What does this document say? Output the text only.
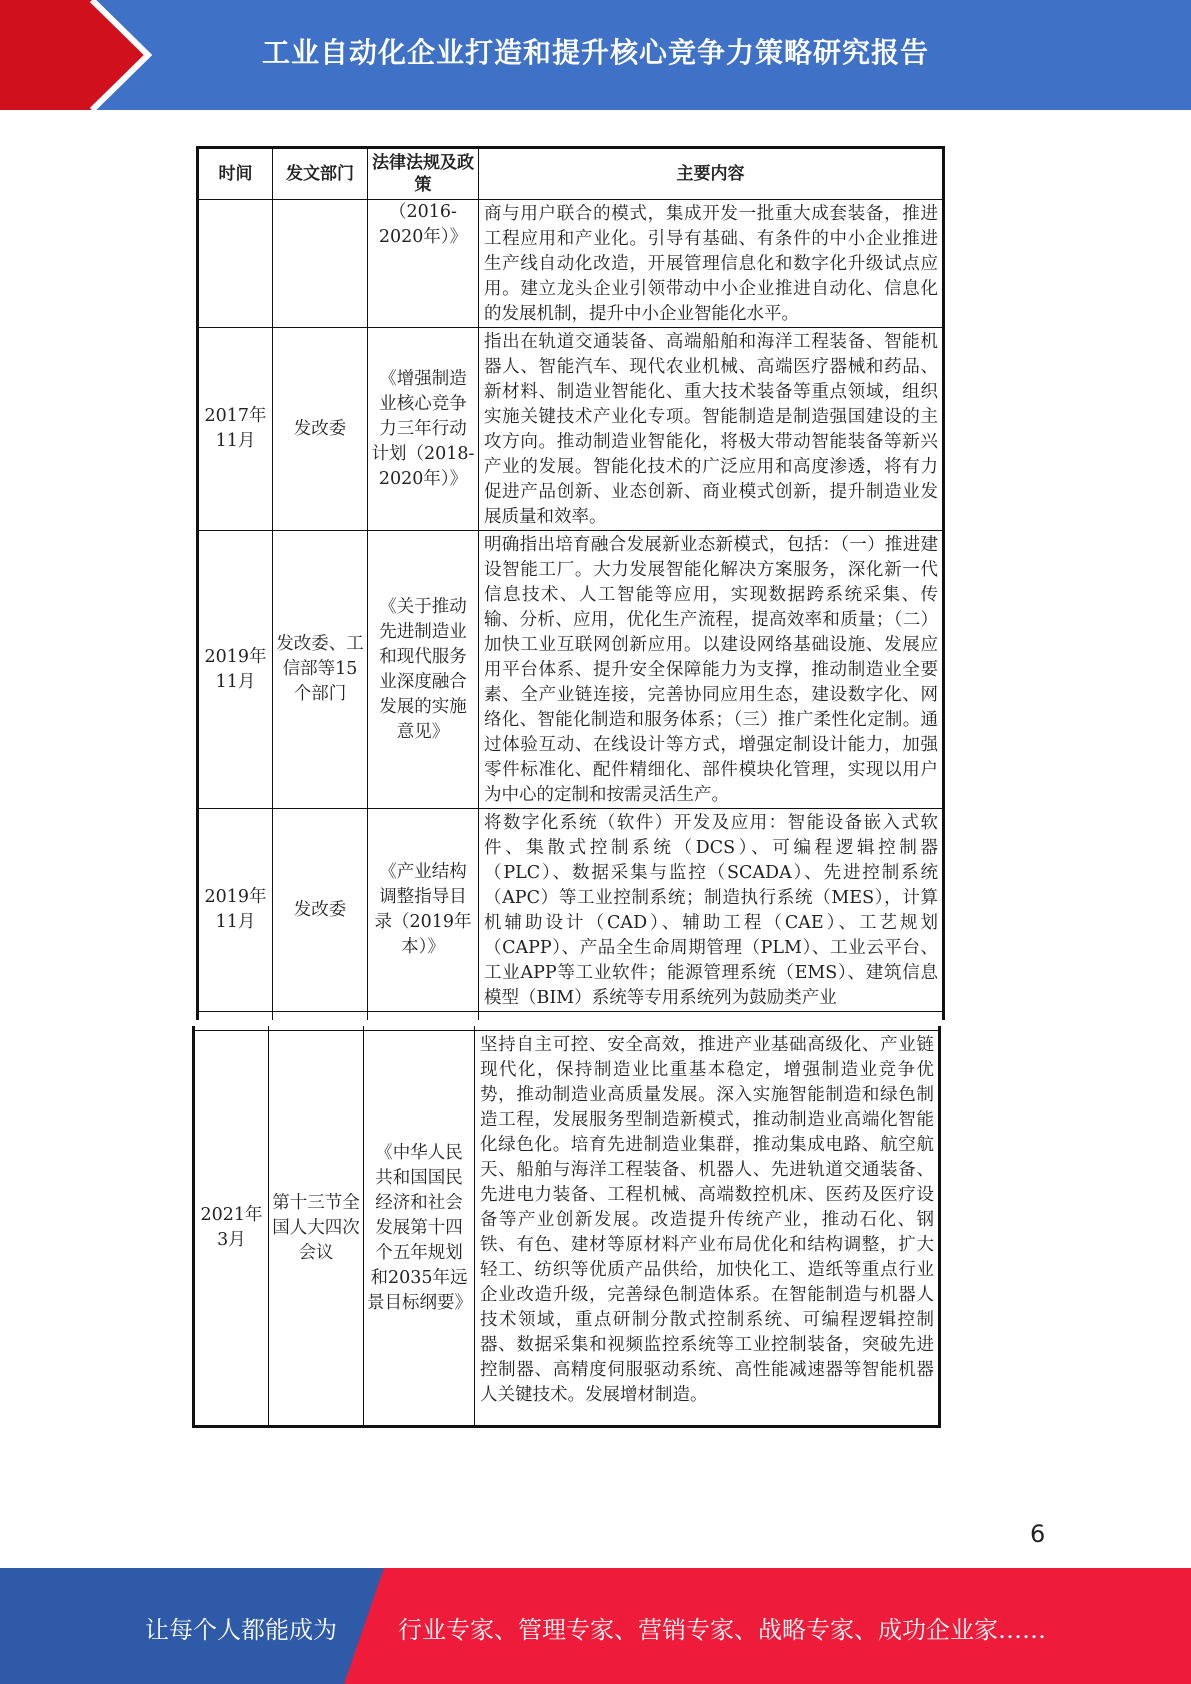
工业自动化企业打造和提升核心竞争力策略研究报告
时间	发文部门	法律法规及政策	主要内容
		（2016-2020年）》	商与用户联合的模式，集成开发一批重大成套装备，推进工程应用和产业化。引导有基础、有条件的中小企业推进生产线自动化改造，开展管理信息化和数字化升级试点应用。建立龙头企业引领带动中小企业推进自动化、信息化的发展机制，提升中小企业智能化水平。
2017年11月	发改委	《增强制造业核心竞争力三年行动计划（2018-2020年）》	指出在轨道交通装备、高端船舶和海洋工程装备、智能机器人、智能汽车、现代农业机械、高端医疗器械和药品、新材料、制造业智能化、重大技术装备等重点领域，组织实施关键技术产业化专项。智能制造是制造强国建设的主攻方向。推动制造业智能化，将极大带动智能装备等新兴产业的发展。智能化技术的广泛应用和高度渗透，将有力促进产品创新、业态创新、商业模式创新，提升制造业发展质量和效率。
2019年11月	发改委、工信部等15个部门	《关于推动先进制造业和现代服务业深度融合发展的实施意见》	明确指出培育融合发展新业态新模式，包括：（一）推进建设智能工厂。大力发展智能化解决方案服务，深化新一代信息技术、人工智能等应用，实现数据跨系统采集、传输、分析、应用，优化生产流程，提高效率和质量；（二）加快工业互联网创新应用。以建设网络基础设施、发展应用平台体系、提升安全保障能力为支撑，推动制造业全要素、全产业链连接，完善协同应用生态，建设数字化、网络化、智能化制造和服务体系；（三）推广柔性化定制。通过体验互动、在线设计等方式，增强定制设计能力，加强零件标准化、配件精细化、部件模块化管理，实现以用户为中心的定制和按需灵活生产。
2019年11月	发改委	《产业结构调整指导目录（2019年本）》	将数字化系统（软件）开发及应用：智能设备嵌入式软件、集散式控制系统（DCS）、可编程逻辑控制器（PLC）、数据采集与监控（SCADA）、先进控制系统（APC）等工业控制系统；制造执行系统（MES），计算机辅助设计（CAD）、辅助工程（CAE）、工艺规划（CAPP）、产品全生命周期管理（PLM）、工业云平台、工业APP等工业软件；能源管理系统（EMS）、建筑信息模型（BIM）系统等专用系统列为鼓励类产业

2021年3月	第十三节全国人大四次会议	《中华人民共和国国民经济和社会发展第十四个五年规划和2035年远景目标纲要》	坚持自主可控、安全高效，推进产业基础高级化、产业链现代化，保持制造业比重基本稳定，增强制造业竞争优势，推动制造业高质量发展。深入实施智能制造和绿色制造工程，发展服务型制造新模式，推动制造业高端化智能化绿色化。培育先进制造业集群，推动集成电路、航空航天、船舶与海洋工程装备、机器人、先进轨道交通装备、先进电力装备、工程机械、高端数控机床、医药及医疗设备等产业创新发展。改造提升传统产业，推动石化、钢铁、有色、建材等原材料产业布局优化和结构调整，扩大轻工、纺织等优质产品供给，加快化工、造纸等重点行业企业改造升级，完善绿色制造体系。在智能制造与机器人技术领域，重点研制分散式控制系统、可编程逻辑控制器、数据采集和视频监控系统等工业控制装备，突破先进控制器、高精度伺服驱动系统、高性能减速器等智能机器人关键技术。发展增材制造。
6
让每个人都能成为	行业专家、管理专家、营销专家、战略专家、成功企业家……
